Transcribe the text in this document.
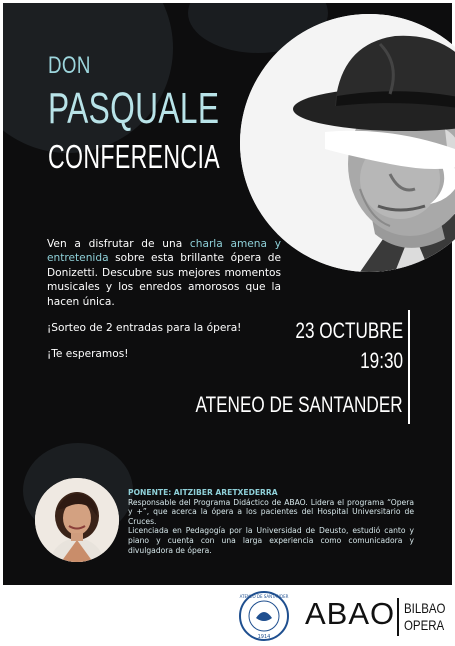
DON
PASQUALE
CONFERENCIA

Ven a disfrutar de una charla amena y entretenida sobre esta brillante ópera de Donizetti. Descubre sus mejores momentos musicales y los enredos amorosos que la hacen única.

¡Sorteo de 2 entradas para la ópera!

¡Te esperamos!

23 OCTUBRE

19:30

ATENEO DE SANTANDER

PONENTE: AITZIBER ARETXEDERRA
Responsable del Programa Didáctico de ABAO. Lidera el programa “Opera y +”, que acerca la ópera a los pacientes del Hospital Universitario de Cruces.
Licenciada en Pedagogía por la Universidad de Deusto, estudió canto y piano y cuenta con una larga experiencia como comunicadora y divulgadora de ópera.
ATENEO DE SANTANDER
1914
ABAO BILBAO
OPERA
